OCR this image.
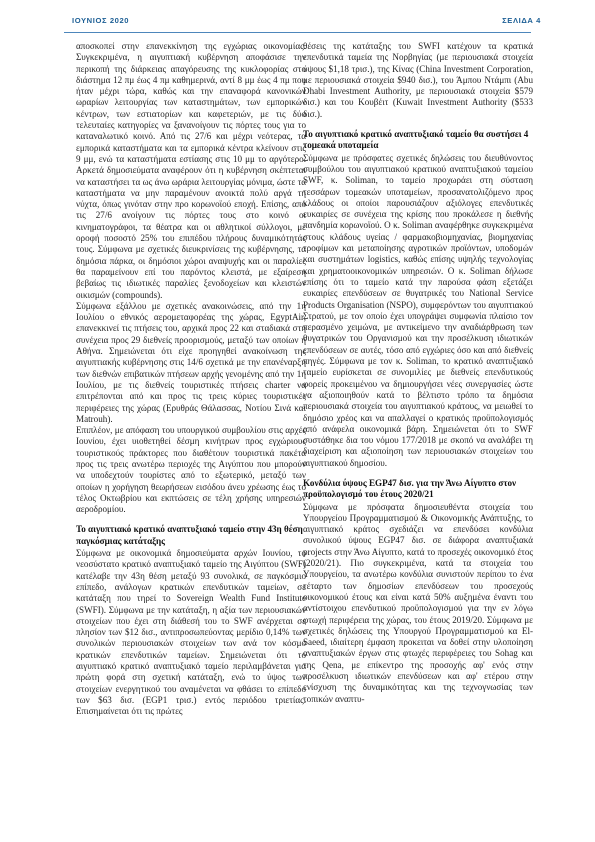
ΙΟΥΝΙΟΣ 2020	ΣΕΛΙΔΑ 4

αποσκοπεί στην επανεκκίνηση της εγχώριας οικονομίας. Συγκεκριμένα, η αιγυπτιακή κυβέρνηση αποφάσισε την περικοπή της διάρκειας απαγόρευσης της κυκλοφορίας στο διάστημα 12 πμ έως 4 πμ καθημερινά, αντί 8 μμ έως 4 πμ που ήταν μέχρι τώρα, καθώς και την επαναφορά κανονικών ωραρίων λειτουργίας των καταστημάτων, των εμπορικών κέντρων, των εστιατορίων και καφετεριών, με τις δύο τελευταίες κατηγορίες να ξανανοίγουν τις πόρτες τους για το καταναλωτικό κοινό. Από τις 27/6 και μέχρι νεότερας, τα εμπορικά καταστήματα και τα εμπορικά κέντρα κλείνουν στις 9 μμ, ενώ τα καταστήματα εστίασης στις 10 μμ το αργότερο. Αρκετά δημοσιεύματα αναφέρουν ότι η κυβέρνηση σκέπτεται να καταστήσει τα ως άνω ωράρια λειτουργίας μόνιμα, ώστε τα καταστήματα να μην παραμένουν ανοικτά πολύ αργά τη νύχτα, όπως γινόταν στην προ κορωνοϊού εποχή. Επίσης, από τις 27/6 ανοίγουν τις πόρτες τους στο κοινό οι κινηματογράφοι, τα θέατρα και οι αθλητικοί σύλλογοι, με οροφή ποσοστό 25% του επιπέδου πλήρους δυναμικότητάς τους. Σύμφωνα με σχετικές διευκρινίσεις της κυβέρνησης, τα δημόσια πάρκα, οι δημόσιοι χώροι αναψυχής και οι παραλίες θα παραμείνουν επί του παρόντος κλειστά, με εξαίρεση βεβαίως τις ιδιωτικές παραλίες ξενοδοχείων και κλειστών οικισμών (compounds).

Σύμφωνα εξάλλου με σχετικές ανακοινώσεις, από την 1η Ιουλίου ο εθνικός αερομεταφορέας της χώρας, EgyptAir, επανεκκινεί τις πτήσεις του, αρχικά προς 22 και σταδιακά στη συνέχεια προς 29 διεθνείς προορισμούς, μεταξύ των οποίων η Αθήνα. Σημειώνεται ότι είχε προηγηθεί ανακοίνωση της αιγυπτιακής κυβέρνησης στις 14/6 σχετικά με την επανέναρξη των διεθνών επιβατικών πτήσεων αρχής γενομένης από την 1η Ιουλίου, με τις διεθνείς τουριστικές πτήσεις charter να επιτρέπονται από και προς τις τρεις κύριες τουριστικές περιφέρειες της χώρας (Ερυθράς Θάλασσας, Νοτίου Σινά και Matrouh).

Επιπλέον, με απόφαση του υπουργικού συμβουλίου στις αρχές Ιουνίου, έχει υιοθετηθεί δέσμη κινήτρων προς εγχώριους τουριστικούς πράκτορες που διαθέτουν τουριστικά πακέτα προς τις τρεις ανωτέρω περιοχές της Αιγύπτου που μπορούν να υποδεχτούν τουρίστες από το εξωτερικό, μεταξύ των οποίων η χορήγηση θεωρήσεων εισόδου άνευ χρέωσης έως το τέλος Οκτωβρίου και εκπτώσεις σε τέλη χρήσης υπηρεσιών αεροδρομίου.

Το αιγυπτιακό κρατικό αναπτυξιακό ταμείο στην 43η θέση παγκόσμιας κατάταξης

Σύμφωνα με οικονομικά δημοσιεύματα αρχών Ιουνίου, το νεοσύστατο κρατικό αναπτυξιακό ταμείο της Αιγύπτου (SWF) κατέλαβε την 43η θέση μεταξύ 93 συνολικά, σε παγκόσμιο επίπεδο, ανάλογων κρατικών επενδυτικών ταμείων, σε κατάταξη που τηρεί το Sovereign Wealth Fund Institute (SWFI). Σύμφωνα με την κατάταξη, η αξία των περιουσιακών στοιχείων που έχει στη διάθεσή του το SWF ανέρχεται σε πλησίον των $12 δισ., αντιπροσωπεύοντας μερίδιο 0,14% των συνολικών περιουσιακών στοιχείων των ανά τον κόσμο κρατικών επενδυτικών ταμείων. Σημειώνεται ότι το αιγυπτιακό κρατικό αναπτυξιακό ταμείο περιλαμβάνεται για πρώτη φορά στη σχετική κατάταξη, ενώ το ύψος των στοιχείων ενεργητικού του αναμένεται να φθάσει το επίπεδο των $63 δισ. (EGP1 τρισ.) εντός περιόδου τριετίας. Επισημαίνεται ότι τις πρώτες

θέσεις της κατάταξης του SWFI κατέχουν τα κρατικά επενδυτικά ταμεία της Νορβηγίας (με περιουσιακά στοιχεία ύψους $1,18 τρισ.), της Κίνας (China Investment Corporation, με περιουσιακά στοιχεία $940 δισ.), του Άμπου Ντάμπι (Abu Dhabi Investment Authority, με περιουσιακά στοιχεία $579 δισ.) και του Κουβέιτ (Kuwait Investment Authority ($533 δισ.).

Το αιγυπτιακό κρατικό αναπτυξιακό ταμείο θα συστήσει 4 τομεακά υποταμεία

Σύμφωνα με πρόσφατες σχετικές δηλώσεις του διευθύνοντος συμβούλου του αιγυπτιακού κρατικού αναπτυξιακού ταμείου SWF, κ. Soliman, το ταμείο προχωράει στη σύσταση τεσσάρων τομεακών υποταμείων, προσανατολιζόμενο προς κλάδους οι οποίοι παρουσιάζουν αξιόλογες επενδυτικές ευκαιρίες σε συνέχεια της κρίσης που προκάλεσε η διεθνής πανδημία κορωνοϊού. Ο κ. Soliman αναφέρθηκε συγκεκριμένα στους κλάδους υγείας / φαρμακοβιομηχανίας, βιομηχανίας τροφίμων και μεταποίησης αγροτικών προϊόντων, υποδομών και συστημάτων logistics, καθώς επίσης υψηλής τεχνολογίας και χρηματοοικονομικών υπηρεσιών. Ο κ. Soliman δήλωσε επίσης ότι το ταμείο κατά την παρούσα φάση εξετάζει ευκαιρίες επενδύσεων σε θυγατρικές του National Service Products Organisation (NSPO), συμφερόντων του αιγυπτιακού Στρατού, με τον οποίο έχει υπογράψει συμφωνία πλαίσιο τον περασμένο χειμώνα, με αντικείμενο την αναδιάρθρωση των θυγατρικών του Οργανισμού και την προσέλκυση ιδιωτικών επενδύσεων σε αυτές, τόσο από εγχώριες όσο και από διεθνείς πηγές. Σύμφωνα με τον κ. Soliman, το κρατικό αναπτυξιακό ταμείο ευρίσκεται σε συνομιλίες με διεθνείς επενδυτικούς φορείς προκειμένου να δημιουργήσει νέες συνεργασίες ώστε να αξιοποιηθούν κατά το βέλτιστο τρόπο τα δημόσια περιουσιακά στοιχεία του αιγυπτιακού κράτους, να μειωθεί το δημόσιο χρέος και να απαλλαγεί ο κρατικός προϋπολογισμός από ανάφελα οικονομικά βάρη. Σημειώνεται ότι το SWF συστάθηκε δια του νόμου 177/2018 με σκοπό να αναλάβει τη διαχείριση και αξιοποίηση των περιουσιακών στοιχείων του αιγυπτιακού δημοσίου.

Κονδύλια ύψους EGP47 δισ. για την Άνω Αίγυπτο στον προϋπολογισμό του έτους 2020/21

Σύμφωνα με πρόσφατα δημοσιευθέντα στοιχεία του Υπουργείου Προγραμματισμού & Οικονομικής Ανάπτυξης, το αιγυπτιακό κράτος σχεδιάζει να επενδύσει κονδύλια συνολικού ύψους EGP47 δισ. σε διάφορα αναπτυξιακά projects στην Άνω Αίγυπτο, κατά το προσεχές οικονομικό έτος (2020/21). Πιο συγκεκριμένα, κατά τα στοιχεία του Υπουργείου, τα ανωτέρω κονδύλια συνιστούν περίπου το ένα τέταρτο των δημοσίων επενδύσεων του προσεχούς οικονομικού έτους και είναι κατά 50% αυξημένα έναντι του αντίστοιχου επενδυτικού προϋπολογισμού για την εν λόγω φτωχή περιφέρεια της χώρας, του έτους 2019/20. Σύμφωνα με σχετικές δηλώσεις της Υπουργού Προγραμματισμού κα El-Saeed, ιδιαίτερη έμφαση προκειται να δοθεί στην υλοποίηση αναπτυξιακών έργων στις φτωχές περιφέρειες του Sohag και της Qena, με επίκεντρο της προσοχής αφ' ενός στην προσέλκυση ιδιωτικών επενδύσεων και αφ' ετέρου στην ενίσχυση της δυναμικότητας και της τεχνογνωσίας των τοπικών αναπτυ-
